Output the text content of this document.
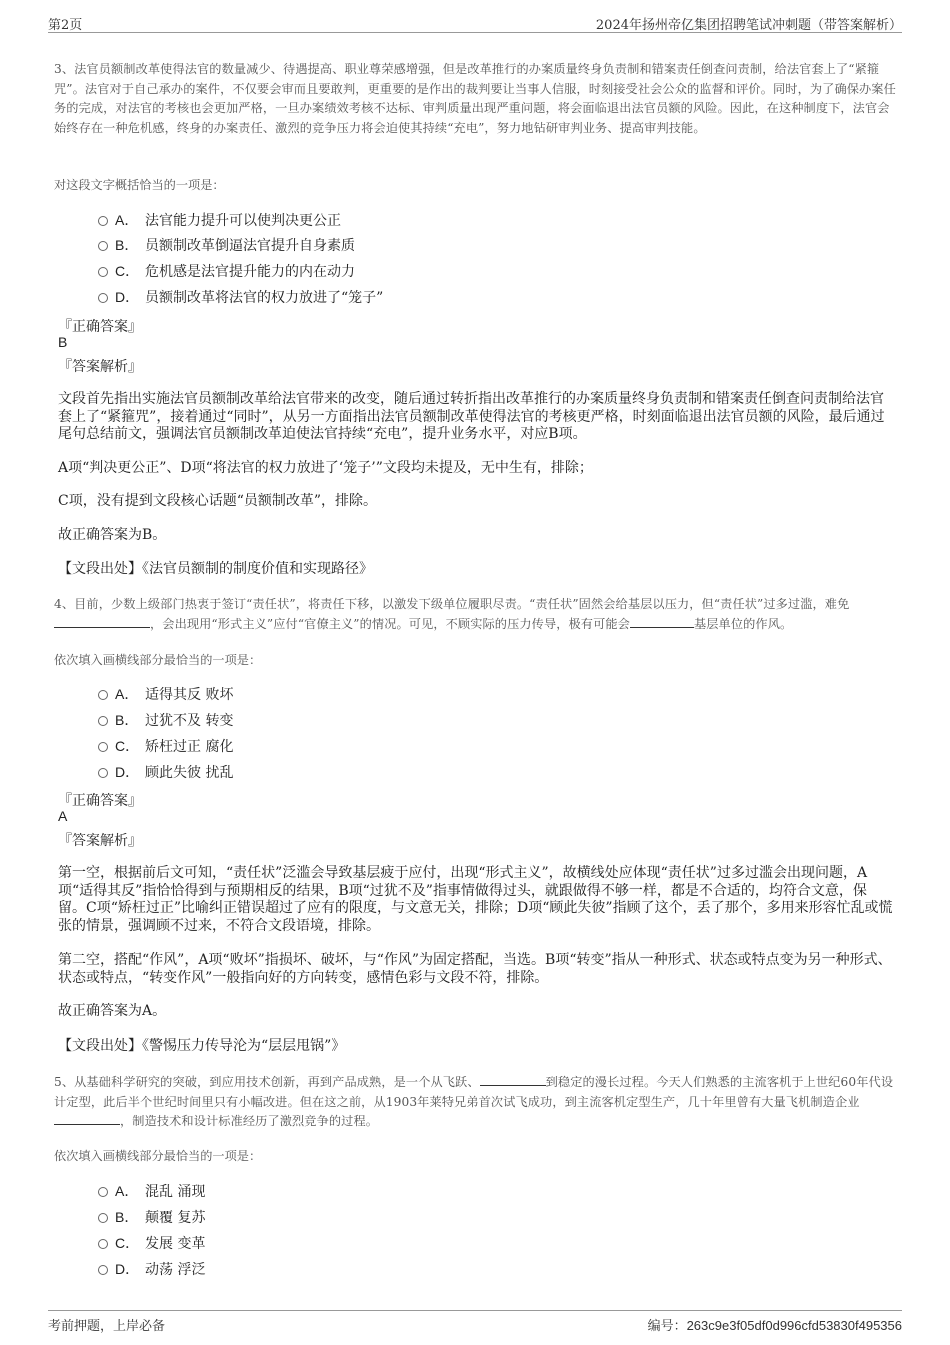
第2页	2024年扬州帝亿集团招聘笔试冲刺题（带答案解析）
3、法官员额制改革使得法官的数量减少、待遇提高、职业尊荣感增强，但是改革推行的办案质量终身负责制和错案责任倒查问责制，给法官套上了“紧箍咒”。法官对于自己承办的案件，不仅要会审而且要敢判，更重要的是作出的裁判要让当事人信服，时刻接受社会公众的监督和评价。同时，为了确保办案任务的完成，对法官的考核也会更加严格，一旦办案绩效考核不达标、审判质量出现严重问题，将会面临退出法官员额的风险。因此，在这种制度下，法官会始终存在一种危机感，终身的办案责任、激烈的竞争压力将会迫使其持续“充电”，努力地钻研审判业务、提高审判技能。
对这段文字概括恰当的一项是：
A． 法官能力提升可以使判决更公正
B． 员额制改革倒逼法官提升自身素质
C． 危机感是法官提升能力的内在动力
D． 员额制改革将法官的权力放进了“笼子”
『正确答案』
B
『答案解析』
文段首先指出实施法官员额制改革给法官带来的改变，随后通过转折指出改革推行的办案质量终身负责制和错案责任倒查问责制给法官套上了“紧箍咒”，接着通过“同时”，从另一方面指出法官员额制改革使得法官的考核更严格，时刻面临退出法官员额的风险，最后通过尾句总结前文，强调法官员额制改革迫使法官持续“充电”，提升业务水平，对应B项。
A项“判决更公正”、D项“将法官的权力放进了‘笼子’”文段均未提及，无中生有，排除；
C项，没有提到文段核心话题“员额制改革”，排除。
故正确答案为B。
【文段出处】《法官员额制的制度价值和实现路径》
4、目前，少数上级部门热衷于签订“责任状”，将责任下移，以激发下级单位履职尽责。“责任状”固然会给基层以压力，但“责任状”过多过滥，难免，会出现用“形式主义”应付“官僚主义”的情况。可见，不顾实际的压力传导，极有可能会	基层单位的作风。
依次填入画横线部分最恰当的一项是：
A． 适得其反 败坏
B． 过犹不及 转变
C． 矫枉过正 腐化
D． 顾此失彼 扰乱
『正确答案』
A
『答案解析』
第一空，根据前后文可知，“责任状”泛滥会导致基层疲于应付，出现“形式主义”，故横线处应体现“责任状”过多过滥会出现问题，A项“适得其反”指恰恰得到与预期相反的结果，B项“过犹不及”指事情做得过头，就跟做得不够一样，都是不合适的，均符合文意，保留。C项“矫枉过正”比喻纠正错误超过了应有的限度，与文意无关，排除；D项“顾此失彼”指顾了这个，丢了那个，多用来形容忙乱或慌张的情景，强调顾不过来，不符合文段语境，排除。
第二空，搭配“作风”，A项“败坏”指损坏、破坏，与“作风”为固定搭配，当选。B项“转变”指从一种形式、状态或特点变为另一种形式、状态或特点，“转变作风”一般指向好的方向转变，感情色彩与文段不符，排除。
故正确答案为A。
【文段出处】《警惕压力传导沦为“层层甩锅”》
5、从基础科学研究的突破，到应用技术创新，再到产品成熟，是一个从飞跃、	到稳定的漫长过程。今天人们熟悉的主流客机于上世纪60年代设计定型，此后半个世纪时间里只有小幅改进。但在这之前，从1903年莱特兄弟首次试飞成功，到主流客机定型生产，几十年里曾有大量飞机制造企业，制造技术和设计标准经历了激烈竞争的过程。
依次填入画横线部分最恰当的一项是：
A． 混乱 涌现
B． 颠覆 复苏
C． 发展 变革
D． 动荡 浮泛
考前押题，上岸必备	编号：263c9e3f05df0d996cfd53830f495356
